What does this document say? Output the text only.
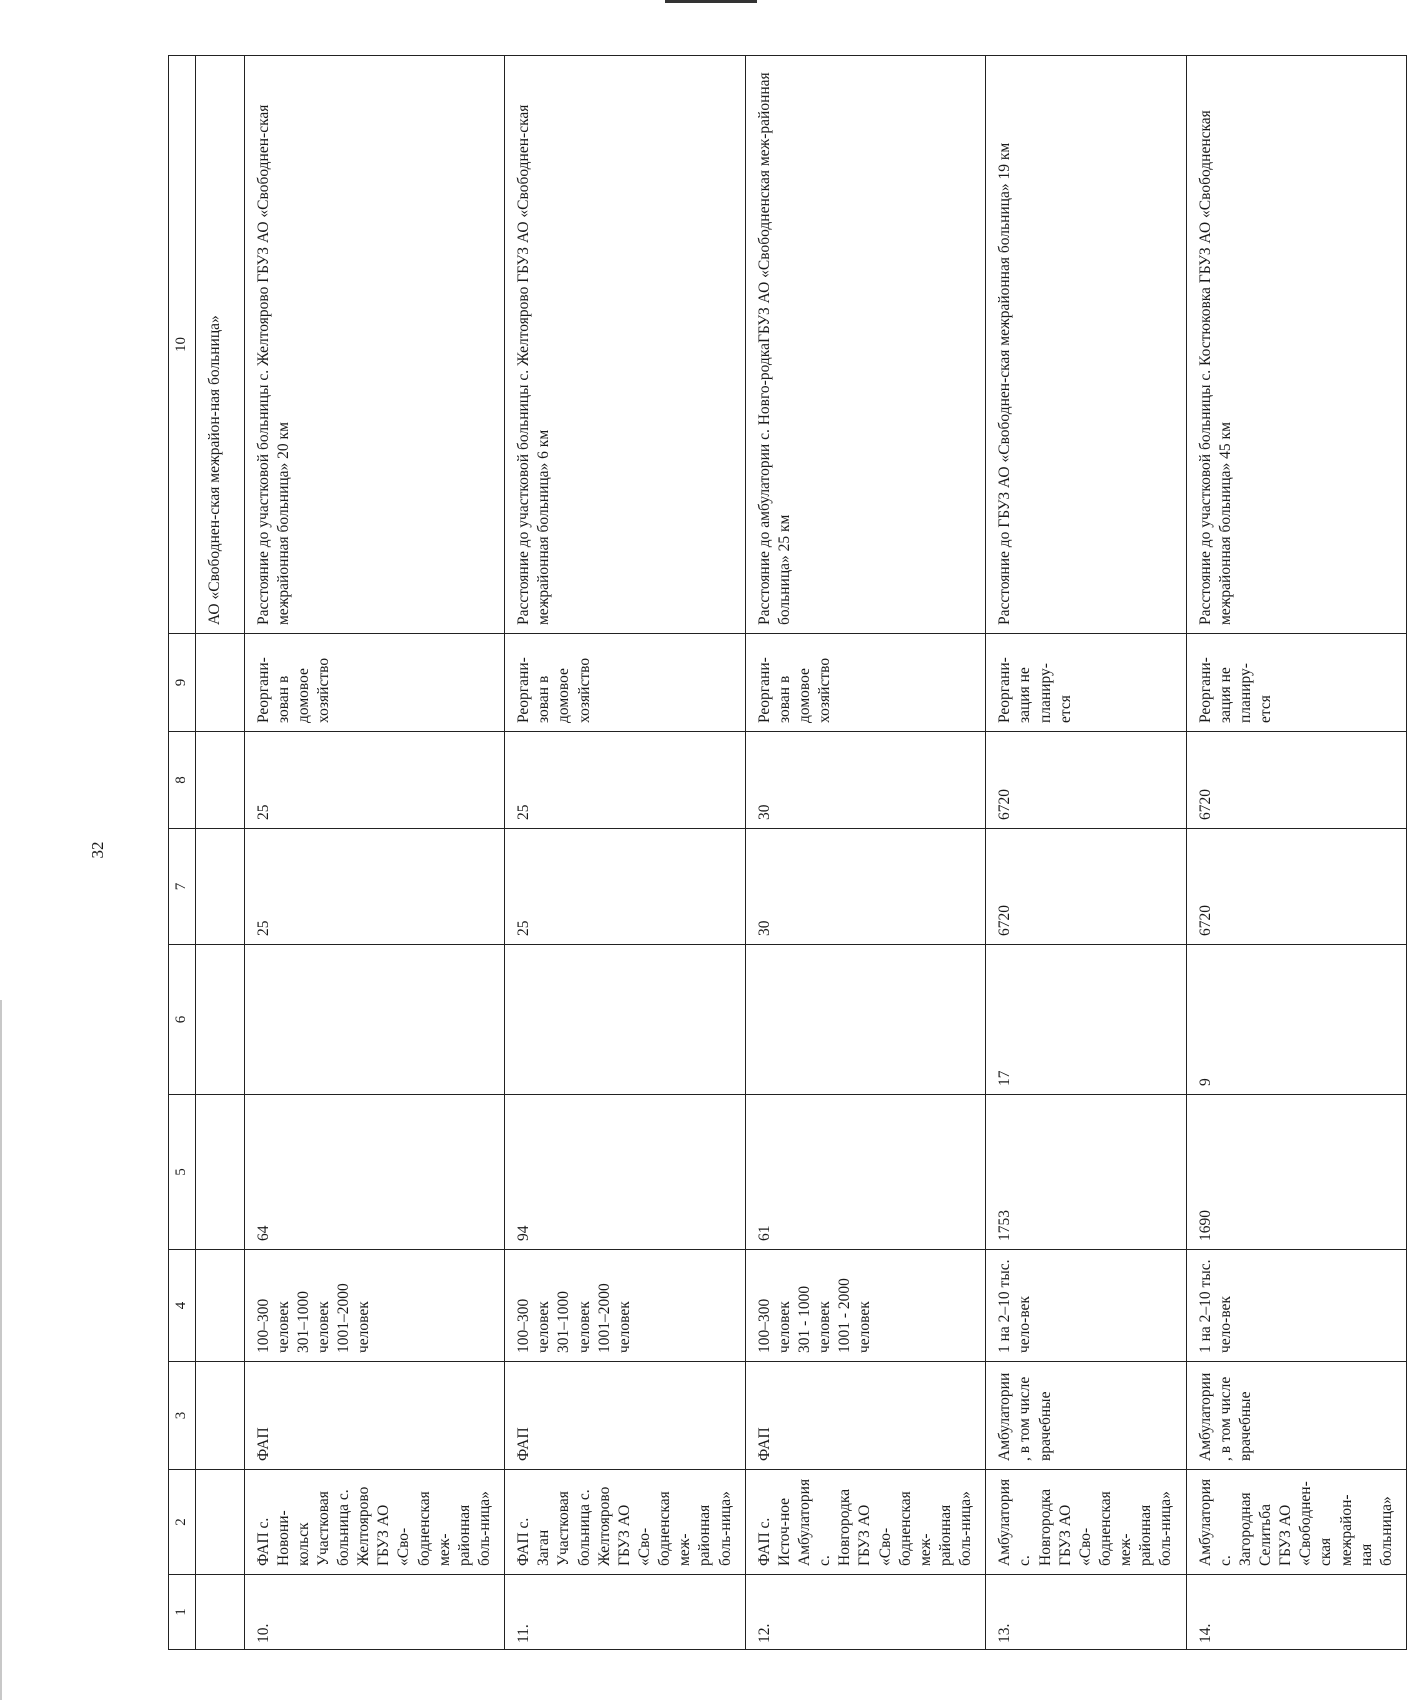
32
1	2	3	4	5	6	7	8	9	10
									АО «Свободнен-ская межрайон-ная больница»
10.	ФАП с. Новони-кольск Участковая больница с. Желтоярово ГБУЗ АО «Сво-бодненская меж-районная боль-ница»	ФАП	100–300 человек 301–1000 человек 1001–2000 человек	64		25	25	Реоргани-зован в домовое хозяйство	Расстояние до участковой больницы с. Желтоярово ГБУЗ АО «Свободнен-ская межрайонная больница» 20 км
11.	ФАП с. Заган Участковая больница с. Желтоярово ГБУЗ АО «Сво-бодненская меж-районная боль-ница»	ФАП	100–300 человек 301–1000 человек 1001–2000 человек	94		25	25	Реоргани-зован в домовое хозяйство	Расстояние до участковой больницы с. Желтоярово ГБУЗ АО «Свободнен-ская межрайонная больница» 6 км
12.	ФАП с. Источ-ное Амбулатория с. Новгородка ГБУЗ АО «Сво-бодненская меж-районная боль-ница»	ФАП	100–300 человек 301 - 1000 человек 1001 - 2000 человек	61		30	30	Реоргани-зован в домовое хозяйство	Расстояние до амбулатории с. Новго-родкаГБУЗ АО «Свободненская меж-районная больница» 25 км
13.	Амбулатория с. Новгородка ГБУЗ АО «Сво-бодненская меж-районная боль-ница»	Амбулатории, в том числе врачебные	1 на 2–10 тыс. чело-век	1753	17	6720	6720	Реоргани-зация не планиру-ется	Расстояние до ГБУЗ АО «Свободнен-ская межрайонная больница» 19 км
14.	Амбулатория с. Загородная Селитьба ГБУЗ АО «Свободнен-ская межрайон-ная больница»	Амбулатории, в том числе врачебные	1 на 2–10 тыс. чело-век	1690	9	6720	6720	Реоргани-зация не планиру-ется	Расстояние до участковой больницы с. Костюковка ГБУЗ АО «Свободненская межрайонная больница» 45 км
